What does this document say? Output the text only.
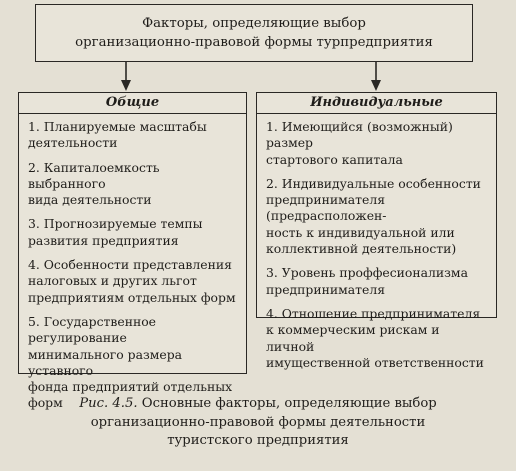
Факторы, определяющие выбор
организационно-правовой формы турпредприятия
Общие
1. Планируемые масштабы
деятельности
2. Капиталоемкость выбранного
вида деятельности
3. Прогнозируемые темпы
развития предприятия
4. Особенности представления
налоговых и других льгот
предприятиям отдельных форм
5. Государственное регулирование
минимального размера уставного
фонда предприятий отдельных
форм
Индивидуальные
1. Имеющийся (возможный) размер
стартового капитала
2. Индивидуальные особенности
предпринимателя (предрасположен-
ность к индивидуальной или
коллективной деятельности)
3. Уровень проффесионализма
предпринимателя
4. Отношение предпринимателя
к коммерческим рискам и личной
имущественной ответственности
Рис. 4.5. Основные факторы, определяющие выбор
организационно-правовой формы деятельности
туристского предприятия
